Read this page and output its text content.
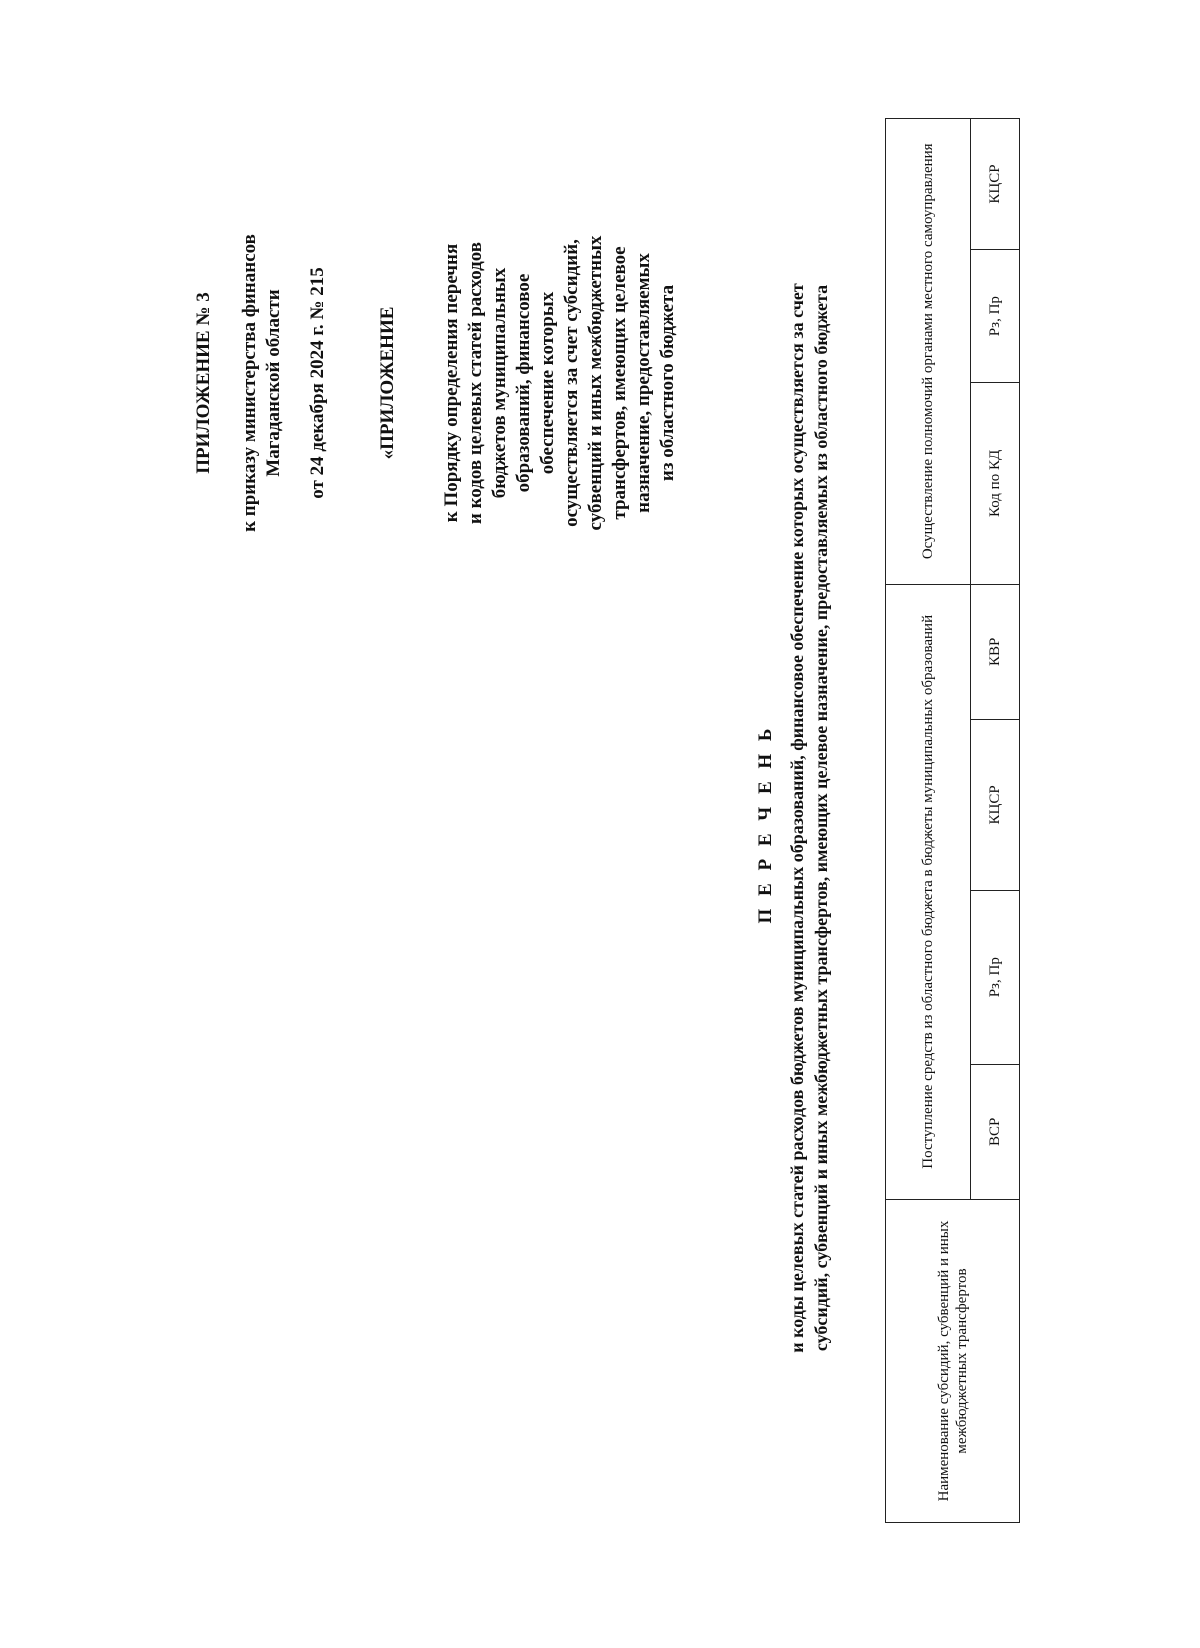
ПРИЛОЖЕНИЕ № 3 к приказу министерства финансов Магаданской области от 24 декабря 2024 г. № 215	«ПРИЛОЖЕНИЕ к Порядку определения перечня и кодов целевых статей расходов бюджетов муниципальных образований, финансовое обеспечение которых осуществляется за счет субсидий, субвенций и иных межбюджетных трансфертов, имеющих целевое назначение, предоставляемых из областного бюджета

П Е Р Е Ч Е Н Ь и коды целевых статей расходов бюджетов муниципальных образований, финансовое обеспечение которых осуществляется за счет субсидий, субвенций и иных межбюджетных трансфертов, имеющих целевое назначение, предоставляемых из областного бюджета
Наименование субсидий, субвенций и иных межбюджетных трансфертов	Поступление средств из областного бюджета в бюджеты муниципальных образований				Осуществление полномочий органами местного самоуправления		
	ВСР	Рз, Пр	КЦСР	КВР	Код по КД	Рз, Пр	КЦСР
